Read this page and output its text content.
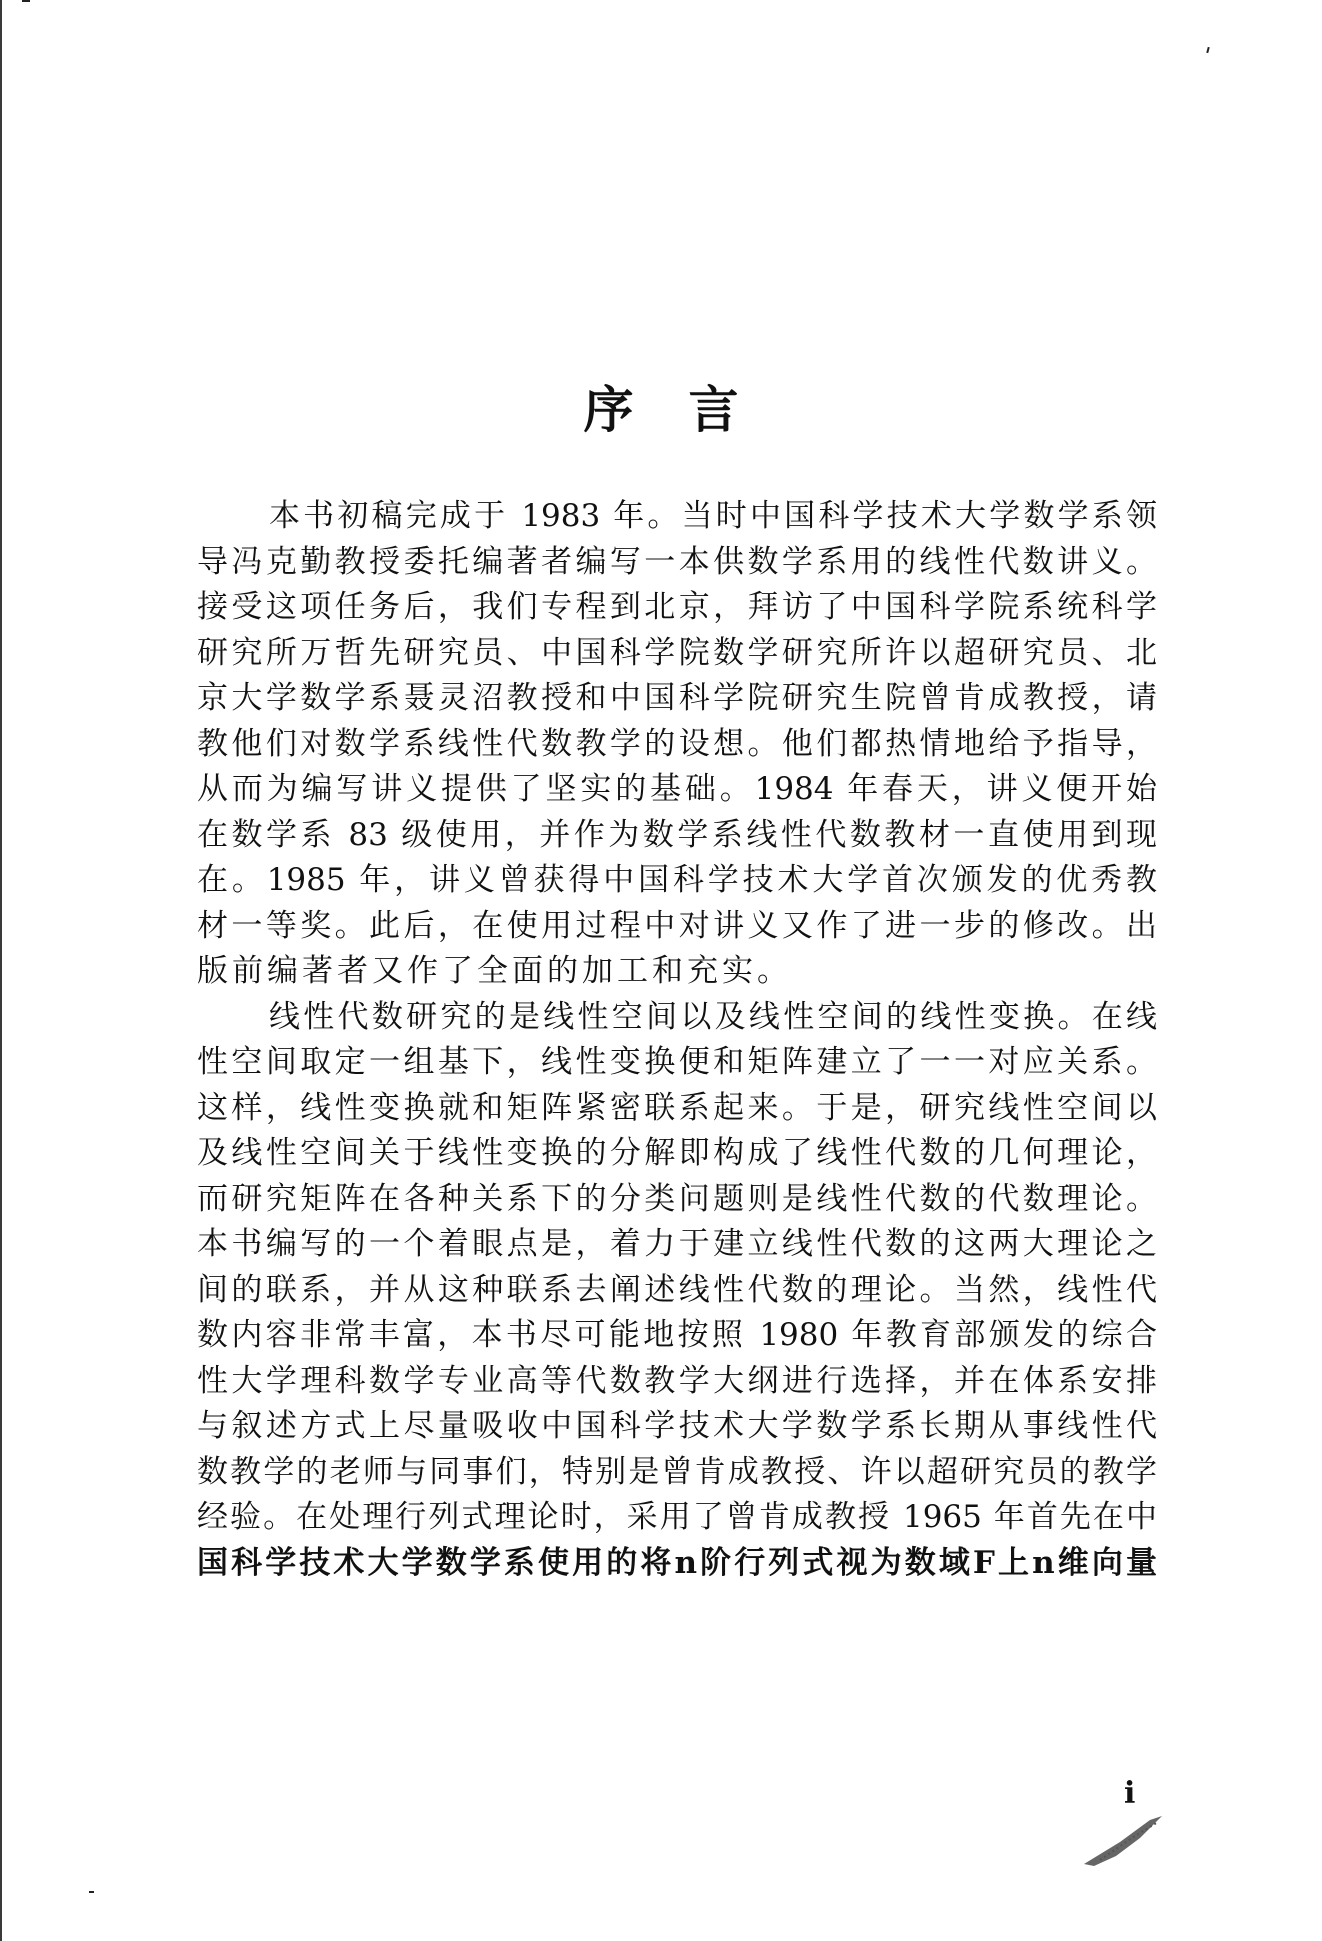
序 言
本书初稿完成于 1983 年。当时中国科学技术大学数学系领
导冯克勤教授委托编著者编写一本供数学系用的线性代数讲义。
接受这项任务后，我们专程到北京，拜访了中国科学院系统科学
研究所万哲先研究员、中国科学院数学研究所许以超研究员、北
京大学数学系聂灵沼教授和中国科学院研究生院曾肯成教授，请
教他们对数学系线性代数教学的设想。他们都热情地给予指导，
从而为编写讲义提供了坚实的基础。1984 年春天，讲义便开始
在数学系 83 级使用，并作为数学系线性代数教材一直使用到现
在。1985 年，讲义曾获得中国科学技术大学首次颁发的优秀教
材一等奖。此后，在使用过程中对讲义又作了进一步的修改。出
版前编著者又作了全面的加工和充实。
线性代数研究的是线性空间以及线性空间的线性变换。在线
性空间取定一组基下，线性变换便和矩阵建立了一一对应关系。
这样，线性变换就和矩阵紧密联系起来。于是，研究线性空间以
及线性空间关于线性变换的分解即构成了线性代数的几何理论，
而研究矩阵在各种关系下的分类问题则是线性代数的代数理论。
本书编写的一个着眼点是，着力于建立线性代数的这两大理论之
间的联系，并从这种联系去阐述线性代数的理论。当然，线性代
数内容非常丰富，本书尽可能地按照 1980 年教育部颁发的综合
性大学理科数学专业高等代数教学大纲进行选择，并在体系安排
与叙述方式上尽量吸收中国科学技术大学数学系长期从事线性代
数教学的老师与同事们，特别是曾肯成教授、许以超研究员的教学
经验。在处理行列式理论时，采用了曾肯成教授 1965 年首先在中
国科学技术大学数学系使用的将n阶行列式视为数域F上n维向量
i
